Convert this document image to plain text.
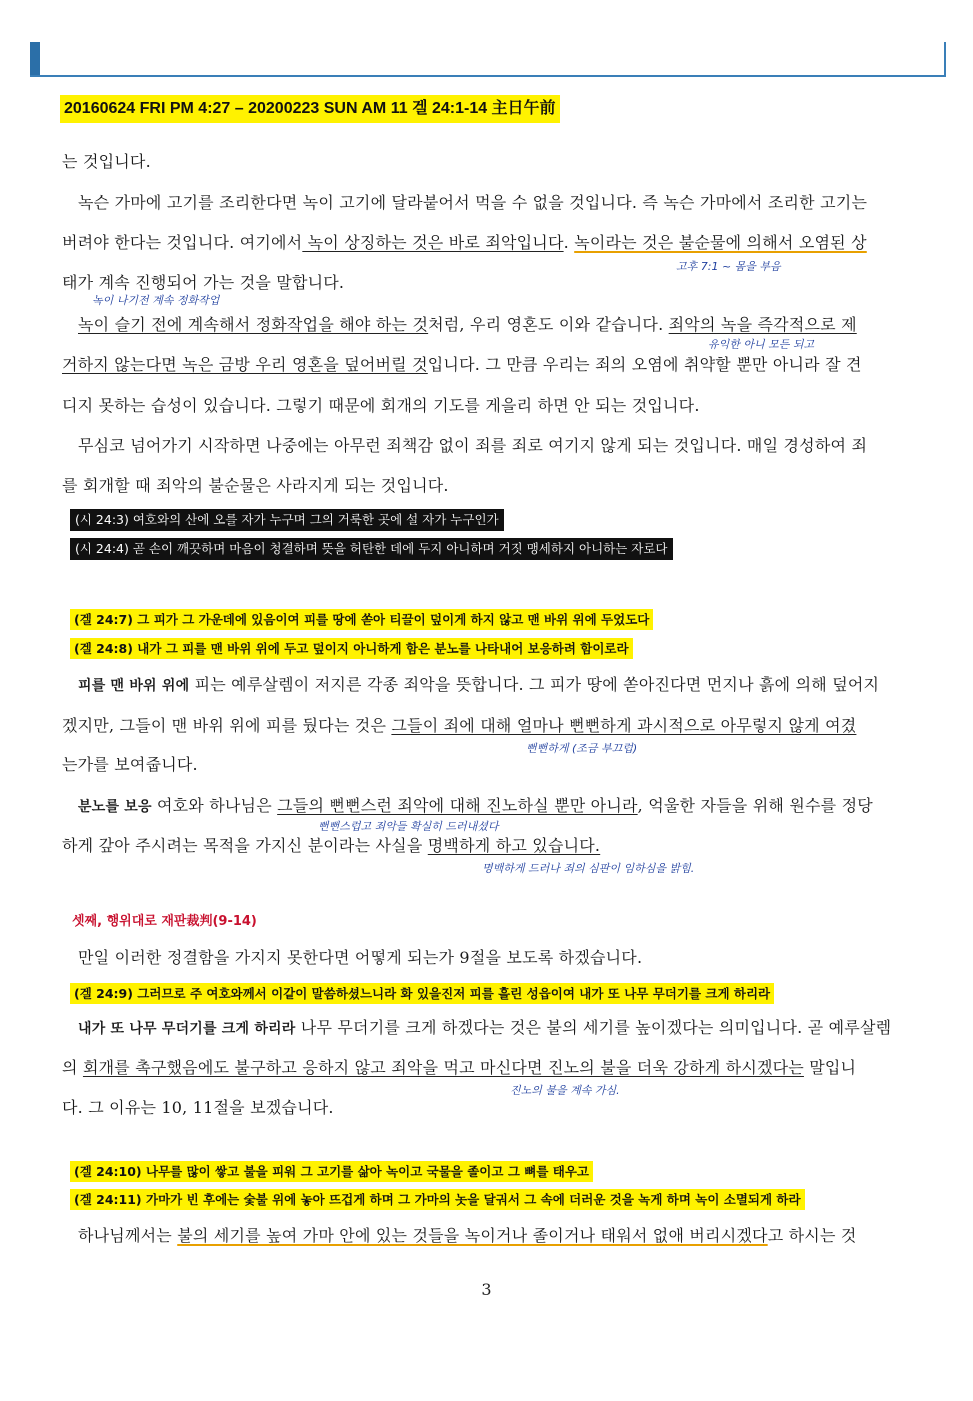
20160624 FRI PM 4:27 – 20200223 SUN AM 11 겔 24:1-14 主日午前
는 것입니다.
녹슨 가마에 고기를 조리한다면 녹이 고기에 달라붙어서 먹을 수 없을 것입니다. 즉 녹슨 가마에서 조리한 고기는
버려야 한다는 것입니다. 여기에서 녹이 상징하는 것은 바로 죄악입니다. 녹이라는 것은 불순물에 의해서 오염된 상
고후 7:1 ~ 몸을 부음
태가 계속 진행되어 가는 것을 말합니다.
녹이 나기전 계속 정화작업
녹이 슬기 전에 계속해서 정화작업을 해야 하는 것처럼, 우리 영혼도 이와 같습니다. 죄악의 녹을 즉각적으로 제
유익한 아니 모든 되고
거하지 않는다면 녹은 금방 우리 영혼을 덮어버릴 것입니다. 그 만큼 우리는 죄의 오염에 취약할 뿐만 아니라 잘 견
디지 못하는 습성이 있습니다. 그렇기 때문에 회개의 기도를 게을리 하면 안 되는 것입니다.
무심코 넘어가기 시작하면 나중에는 아무런 죄책감 없이 죄를 죄로 여기지 않게 되는 것입니다. 매일 경성하여 죄
를 회개할 때 죄악의 불순물은 사라지게 되는 것입니다.
(시 24:3) 여호와의 산에 오를 자가 누구며 그의 거룩한 곳에 설 자가 누구인가
(시 24:4) 곧 손이 깨끗하며 마음이 청결하며 뜻을 허탄한 데에 두지 아니하며 거짓 맹세하지 아니하는 자로다
(겔 24:7) 그 피가 그 가운데에 있음이여 피를 땅에 쏟아 티끌이 덮이게 하지 않고 맨 바위 위에 두었도다
(겔 24:8) 내가 그 피를 맨 바위 위에 두고 덮이지 아니하게 함은 분노를 나타내어 보응하려 함이로라
피를 맨 바위 위에 피는 예루살렘이 저지른 각종 죄악을 뜻합니다. 그 피가 땅에 쏟아진다면 먼지나 흙에 의해 덮어지
겠지만, 그들이 맨 바위 위에 피를 뒀다는 것은 그들이 죄에 대해 얼마나 뻔뻔하게 과시적으로 아무렇지 않게 여겼
뻔뻔하게 (조금 부끄럽)
는가를 보여줍니다.
분노를 보응 여호와 하나님은 그들의 뻔뻔스런 죄악에 대해 진노하실 뿐만 아니라, 억울한 자들을 위해 원수를 정당
뻔뻔스럽고 죄악들 확실히 드러내셨다
하게 갚아 주시려는 목적을 가지신 분이라는 사실을 명백하게 하고 있습니다.
명백하게 드러나 죄의 심판이 임하심을 밝힘.
셋째, 행위대로 재판裁判(9-14)
만일 이러한 정결함을 가지지 못한다면 어떻게 되는가 9절을 보도록 하겠습니다.
(겔 24:9) 그러므로 주 여호와께서 이같이 말씀하셨느니라 화 있을진저 피를 흘린 성읍이여 내가 또 나무 무더기를 크게 하리라
내가 또 나무 무더기를 크게 하리라 나무 무더기를 크게 하겠다는 것은 불의 세기를 높이겠다는 의미입니다. 곧 예루살렘
의 회개를 촉구했음에도 불구하고 응하지 않고 죄악을 먹고 마신다면 진노의 불을 더욱 강하게 하시겠다는 말입니
진노의 불을 계속 가심.
다. 그 이유는 10, 11절을 보겠습니다.
(겔 24:10) 나무를 많이 쌓고 불을 피워 그 고기를 삶아 녹이고 국물을 졸이고 그 뼈를 태우고
(겔 24:11) 가마가 빈 후에는 숯불 위에 놓아 뜨겁게 하며 그 가마의 놋을 달궈서 그 속에 더러운 것을 녹게 하며 녹이 소멸되게 하라
하나님께서는 불의 세기를 높여 가마 안에 있는 것들을 녹이거나 졸이거나 태워서 없애 버리시겠다고 하시는 것
3
